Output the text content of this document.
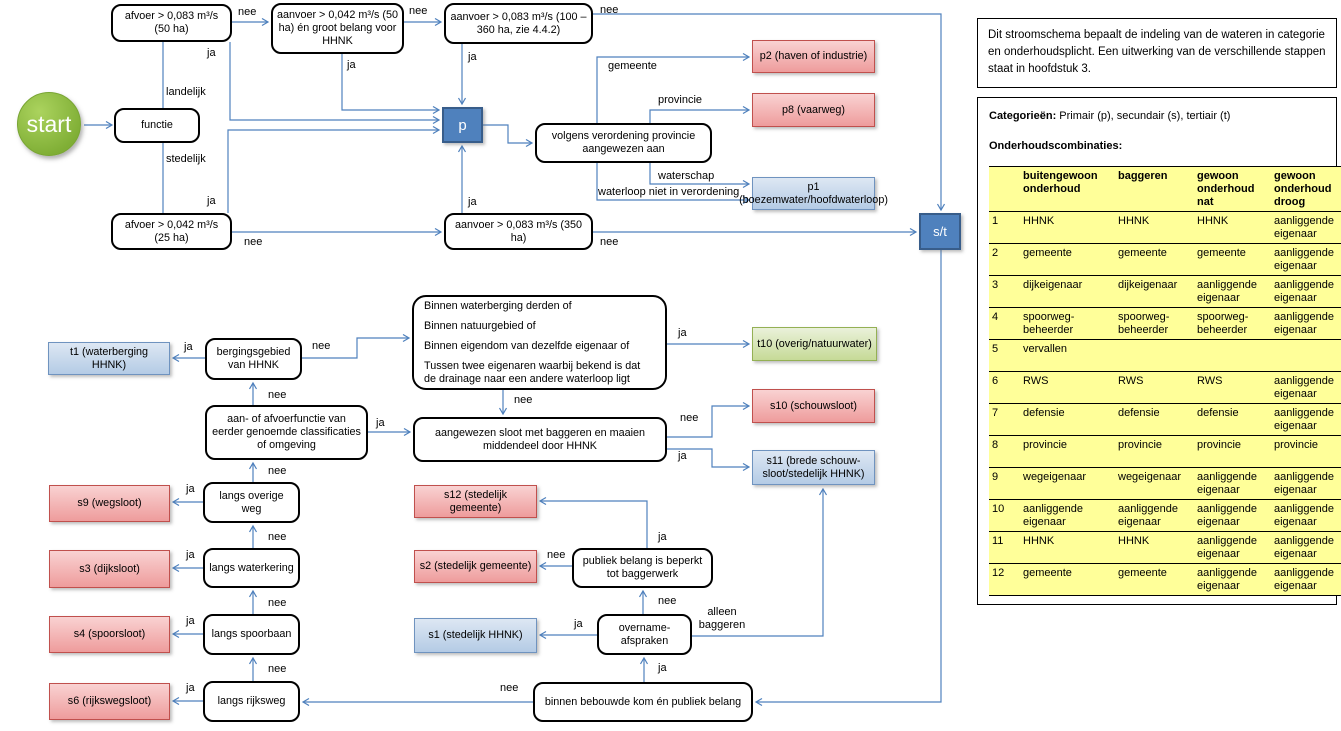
start	functie
afvoer > 0,083 m³/s (50 ha)
aanvoer > 0,042 m³/s (50 ha) én groot belang voor HHNK
aanvoer > 0,083 m³/s (100 – 360 ha, zie 4.4.2)
afvoer > 0,042 m³/s (25 ha)
aanvoer > 0,083 m³/s (350 ha)
p
volgens verordening provincie aangewezen aan
s/t
p2 (haven of industrie)
p8 (vaarweg)
p1 (boezemwater/hoofdwaterloop)
t1 (waterberging HHNK)
bergingsgebied van HHNK
Binnen waterberging derden of
Binnen natuurgebied of
Binnen eigendom van dezelfde eigenaar of
Tussen twee eigenaren waarbij bekend is dat de drainage naar een andere waterloop ligt
t10 (overig/natuurwater)
aan- of afvoerfunctie van eerder genoemde classificaties of omgeving
aangewezen sloot met baggeren en maaien middendeel door HHNK
s10 (schouwsloot)
s11 (brede schouw-sloot/stedelijk HHNK)
s9 (wegsloot)
langs overige weg
s3 (dijksloot)	langs waterkering
s4 (spoorsloot)	langs spoorbaan
s6 (rijkswegsloot)	langs rijksweg
s12 (stedelijk gemeente)
s2 (stedelijk gemeente)
s1 (stedelijk HHNK)
publiek belang is beperkt tot baggerwerk
overname-afspraken
binnen bebouwde kom én publiek belang
nee	nee	nee
ja
ja
ja
landelijk
stedelijk
ja
nee
ja
nee
gemeente
provincie
waterschap
waterloop niet in verordening
ja	nee
nee
ja
ja
nee
nee
ja
nee
ja
nee
ja
nee
ja
nee
ja
ja
nee
nee
ja
alleen baggeren
ja
nee
Dit stroomschema bepaalt de indeling van de wateren in categorie en onderhoudsplicht. Een uitwerking van de verschillende stappen staat in hoofdstuk 3.
Categorieën: Primair (p), secundair (s), tertiair (t)
Onderhoudscombinaties:
	buitengewoon onderhoud	baggeren	gewoon onderhoud nat	gewoon onderhoud droog
1	HHNK	HHNK	HHNK	aanliggende eigenaar
2	gemeente	gemeente	gemeente	aanliggende eigenaar
3	dijkeigenaar	dijkeigenaar	aanliggende eigenaar	aanliggende eigenaar
4	spoorweg-beheerder	spoorweg-beheerder	spoorweg-beheerder	aanliggende eigenaar
5	vervallen			
6	RWS	RWS	RWS	aanliggende eigenaar
7	defensie	defensie	defensie	aanliggende eigenaar
8	provincie	provincie	provincie	provincie
9	wegeigenaar	wegeigenaar	aanliggende eigenaar	aanliggende eigenaar
10	aanliggende eigenaar	aanliggende eigenaar	aanliggende eigenaar	aanliggende eigenaar
11	HHNK	HHNK	aanliggende eigenaar	aanliggende eigenaar
12	gemeente	gemeente	aanliggende eigenaar	aanliggende eigenaar
